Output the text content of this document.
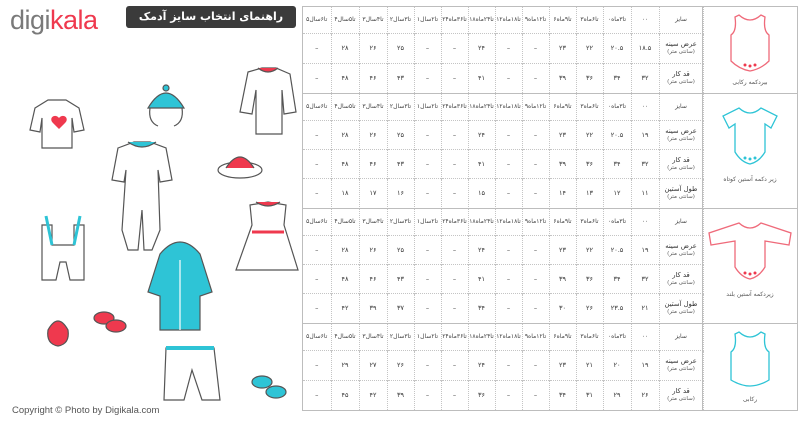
digikala	راهنمای انتخاب سایز آدمک
Copyright © Photo by Digikala.com
۵تا۶سال	۴تا۵سال	۳تا۴سال	۲تا۳سال	۱تا۲سال	۲۴تا۳۶ماه	۱۸تا۲۴ماه	۱۲تا۱۸ماه	۹تا۱۲ماه	۶تا۹ماه	۳تا۶ماه	۰تا۳ماه	۰۰	سایز
–	۲۸	۲۶	۲۵	–	–	۲۴	–	–	۲۳	۲۲	۲۰.۵	۱۸.۵	عرض سینه
(سانتی متر)

–	۴۸	۴۶	۴۳	–	–	۴۱	–	–	۳۹	۳۶	۳۴	۳۲	قد کار
(سانتی متر)	بیرد‌کمه رکابی
۵تا۶سال	۴تا۵سال	۳تا۴سال	۲تا۳سال	۱تا۲سال	۲۴تا۳۶ماه	۱۸تا۲۴ماه	۱۲تا۱۸ماه	۹تا۱۲ماه	۶تا۹ماه	۳تا۶ماه	۰تا۳ماه	۰۰	سایز
–	۲۸	۲۶	۲۵	–	–	۲۴	–	–	۲۳	۲۲	۲۰.۵	۱۹	عرض سینه
(سانتی متر)

–	۴۸	۴۶	۴۳	–	–	۴۱	–	–	۳۹	۳۶	۳۴	۳۲	قد کار
(سانتی متر)

–	۱۸	۱۷	۱۶	–	–	۱۵	–	–	۱۴	۱۳	۱۲	۱۱	طول آستین
(سانتی متر)
زیر دکمه آستین کوتاه
۵تا۶سال	۴تا۵سال	۳تا۴سال	۲تا۳سال	۱تا۲سال	۲۴تا۳۶ماه	۱۸تا۲۴ماه	۱۲تا۱۸ماه	۹تا۱۲ماه	۶تا۹ماه	۳تا۶ماه	۰تا۳ماه	۰۰	سایز
–	۲۸	۲۶	۲۵	–	–	۲۴	–	–	۲۳	۲۲	۲۰.۵	۱۹	عرض سینه
(سانتی متر)

–	۴۸	۴۶	۴۳	–	–	۴۱	–	–	۳۹	۳۶	۳۴	۳۲	قد کار
(سانتی متر)

–	۴۲	۳۹	۳۷	–	–	۳۴	–	–	۳۰	۲۶	۲۳.۵	۲۱	طول آستین
(سانتی متر)
زیردکمه آستین بلند
۵تا۶سال	۴تا۵سال	۳تا۴سال	۲تا۳سال	۱تا۲سال	۲۴تا۳۶ماه	۱۸تا۲۴ماه	۱۲تا۱۸ماه	۹تا۱۲ماه	۶تا۹ماه	۳تا۶ماه	۰تا۳ماه	۰۰	سایز
–	۲۹	۲۷	۲۶	–	–	۲۴	–	–	۲۳	۲۱	۲۰	۱۹	عرض سینه
(سانتی متر)

–	۴۵	۴۲	۳۹	–	–	۳۶	–	–	۳۴	۳۱	۲۹	۲۶	قد کار
(سانتی متر)	رکابی
